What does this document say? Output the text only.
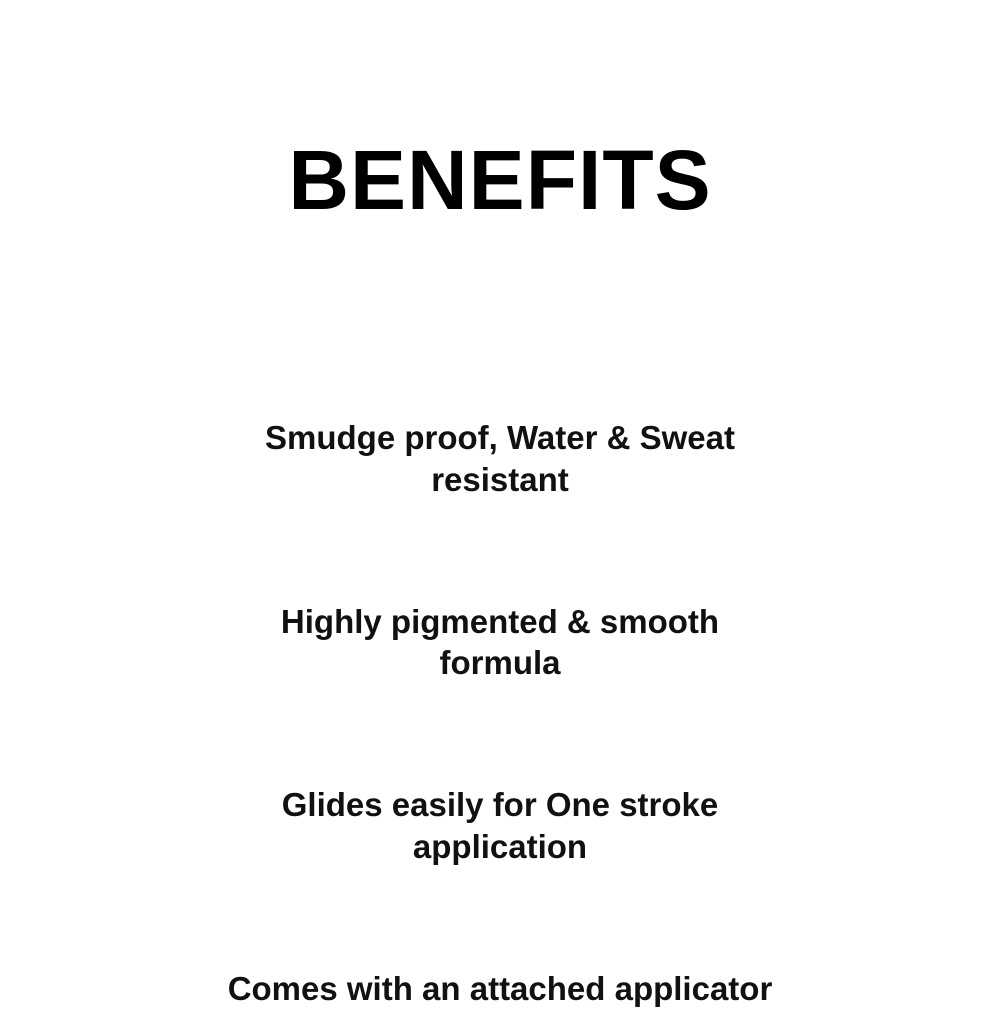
BENEFITS

Smudge proof, Water & Sweat resistant

Highly pigmented & smooth formula

Glides easily for One stroke application

Comes with an attached applicator
